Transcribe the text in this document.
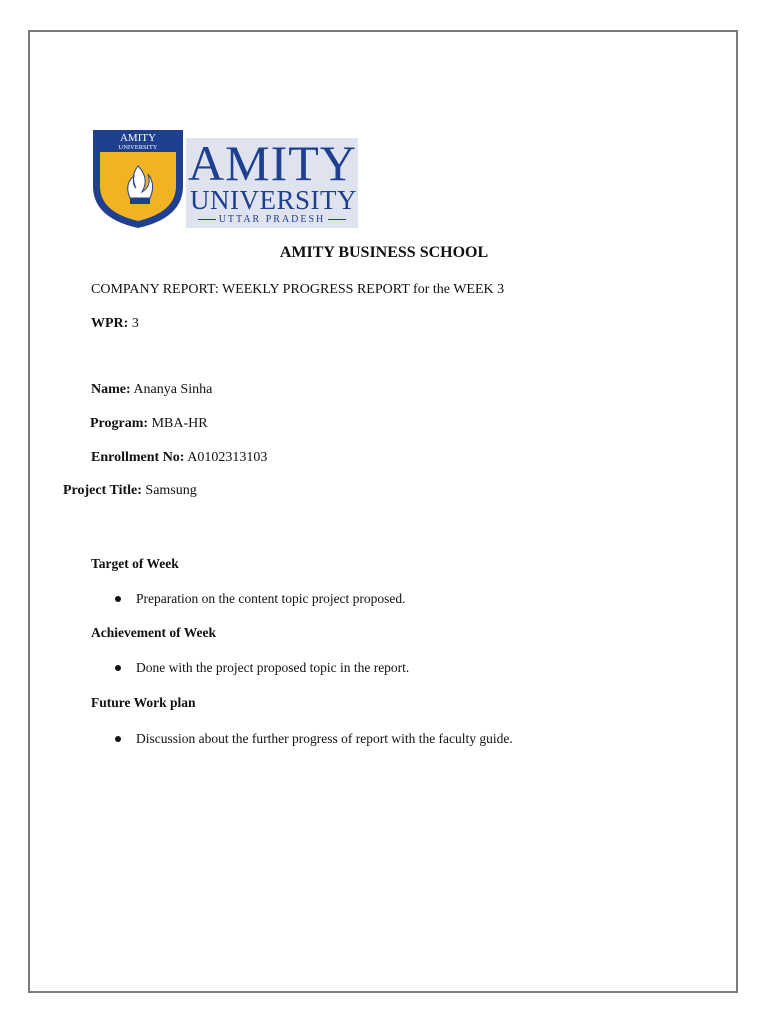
AMITY
UNIVERSITY AMITY
UNIVERSITY
UTTAR PRADESH
AMITY BUSINESS SCHOOL
COMPANY REPORT: WEEKLY PROGRESS REPORT for the WEEK 3
WPR: 3
Name: Ananya Sinha
Program: MBA-HR
Enrollment No: A0102313103
Project Title: Samsung
Target of Week
Preparation on the content topic project proposed.
Achievement of Week
Done with the project proposed topic in the report.
Future Work plan
Discussion about the further progress of report with the faculty guide.
